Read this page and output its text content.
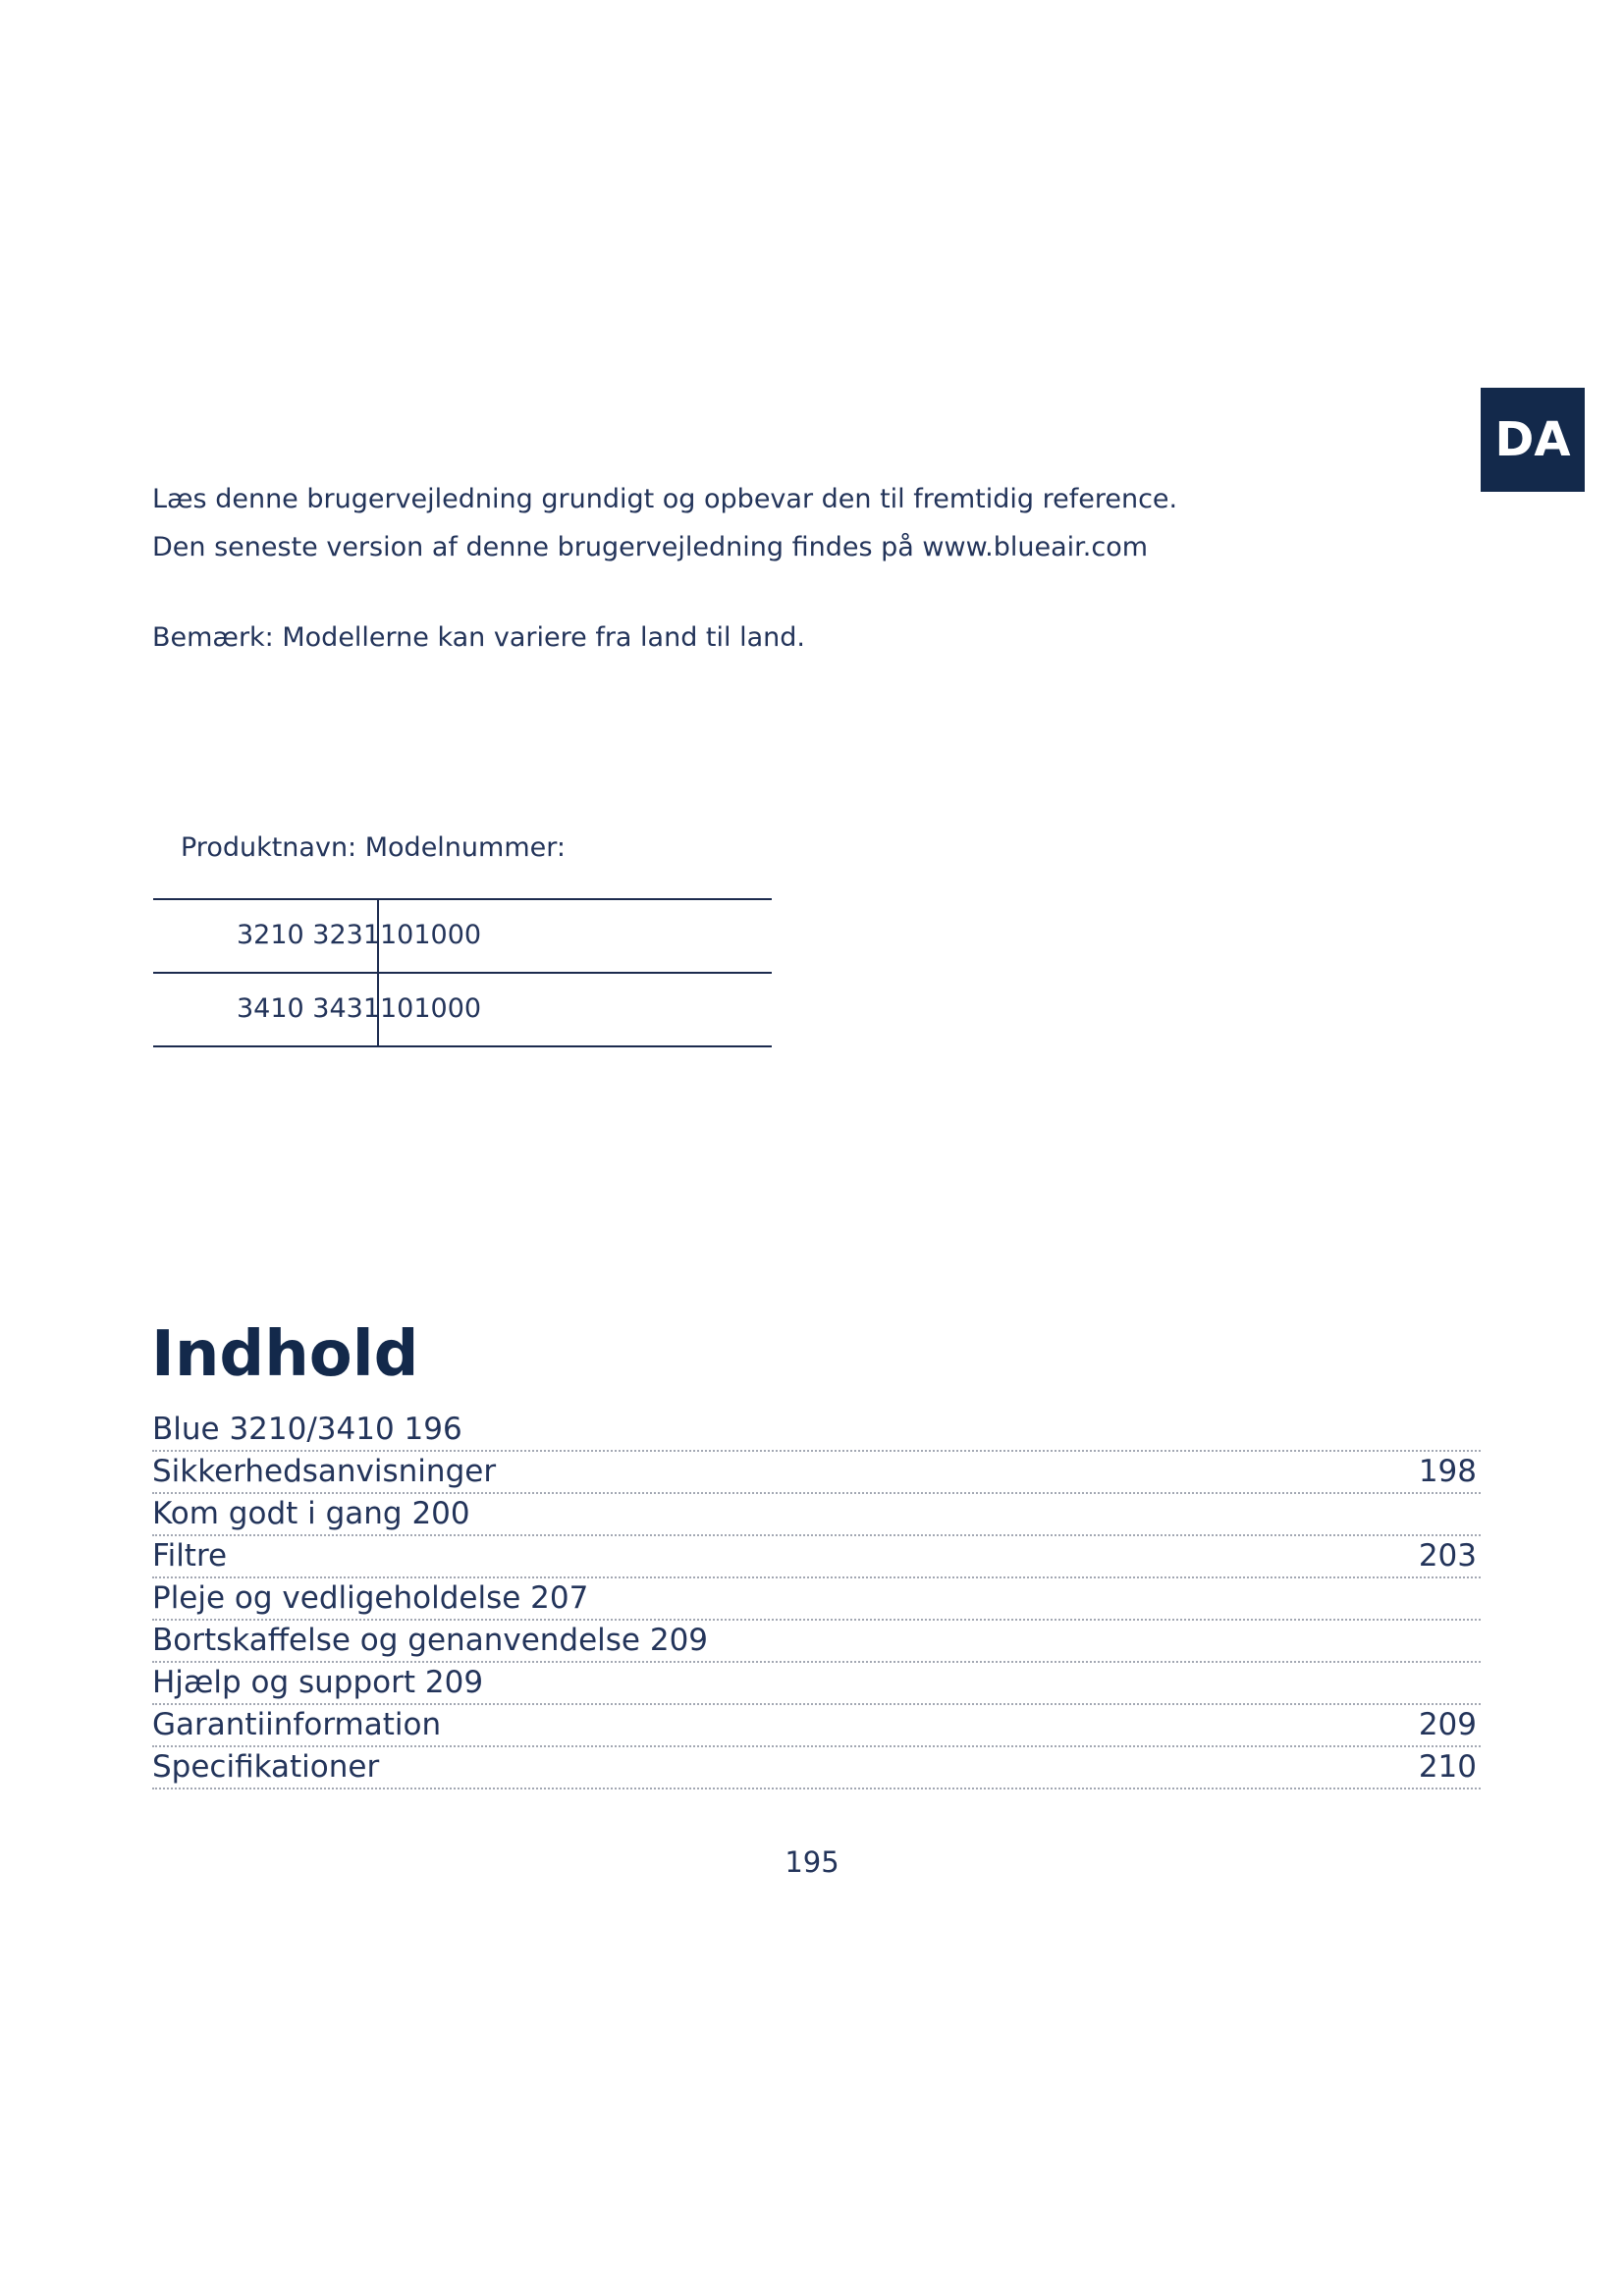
DA
Læs denne brugervejledning grundigt og opbevar den til fremtidig reference.
Den seneste version af denne brugervejledning findes på www.blueair.com
Bemærk: Modellerne kan variere fra land til land.
Produktnavn: Modelnummer:
3210 3231101000
3410 3431101000
Indhold
Blue 3210/3410 196
Sikkerhedsanvisninger	198
Kom godt i gang 200
Filtre	203
Pleje og vedligeholdelse 207
Bortskaffelse og genanvendelse 209
Hjælp og support 209
Garantiinformation	209
Specifikationer	210
195
